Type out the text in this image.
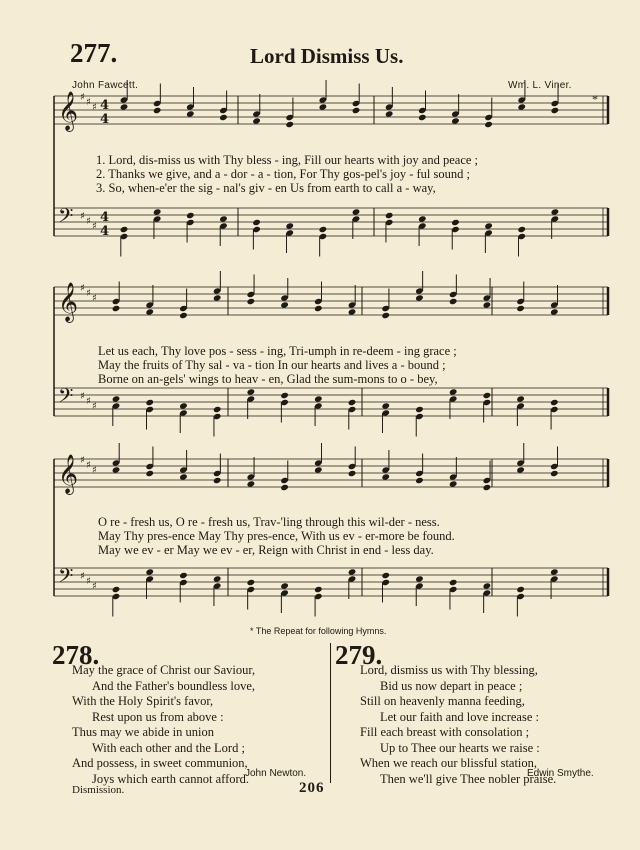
277.	Lord Dismiss Us.
John Fawcett.	Wm. L. Viner.
*
𝄞 ♯ ♯ ♯ 4
4
𝄢 ♯ ♯ ♯
4
4
𝄞 ♯ ♯ ♯
𝄢 ♯ ♯ ♯
𝄞 ♯ ♯ ♯
𝄢 ♯ ♯ ♯
1. Lord, dis-miss us with Thy bless - ing, Fill our hearts with joy and peace ;
2. Thanks we give, and a - dor - a - tion, For Thy gos-pel's joy - ful sound ;
3. So, when-e'er the sig - nal's giv - en Us from earth to call a - way,
Let us each, Thy love pos - sess - ing, Tri-umph in re-deem - ing grace ;
May the fruits of Thy sal - va - tion In our hearts and lives a - bound ;
Borne on an-gels' wings to heav - en, Glad the sum-mons to o - bey,
O re - fresh us, O re - fresh us, Trav-'ling through this wil-der - ness.
May Thy pres-ence May Thy pres-ence, With us ev - er-more be found.
May we ev - er May we ev - er, Reign with Christ in end - less day.
* The Repeat for following Hymns.
278.
May the grace of Christ our Saviour,
And the Father's boundless love,
With the Holy Spirit's favor,
Rest upon us from above :
Thus may we abide in union
With each other and the Lord ;
And possess, in sweet communion,
Joys which earth cannot afford.
John Newton.
279.
Lord, dismiss us with Thy blessing,
Bid us now depart in peace ;
Still on heavenly manna feeding,
Let our faith and love increase :
Fill each breast with consolation ;
Up to Thee our hearts we raise :
When we reach our blissful station,
Then we'll give Thee nobler praise.
Edwin Smythe.
Dismission.	206
